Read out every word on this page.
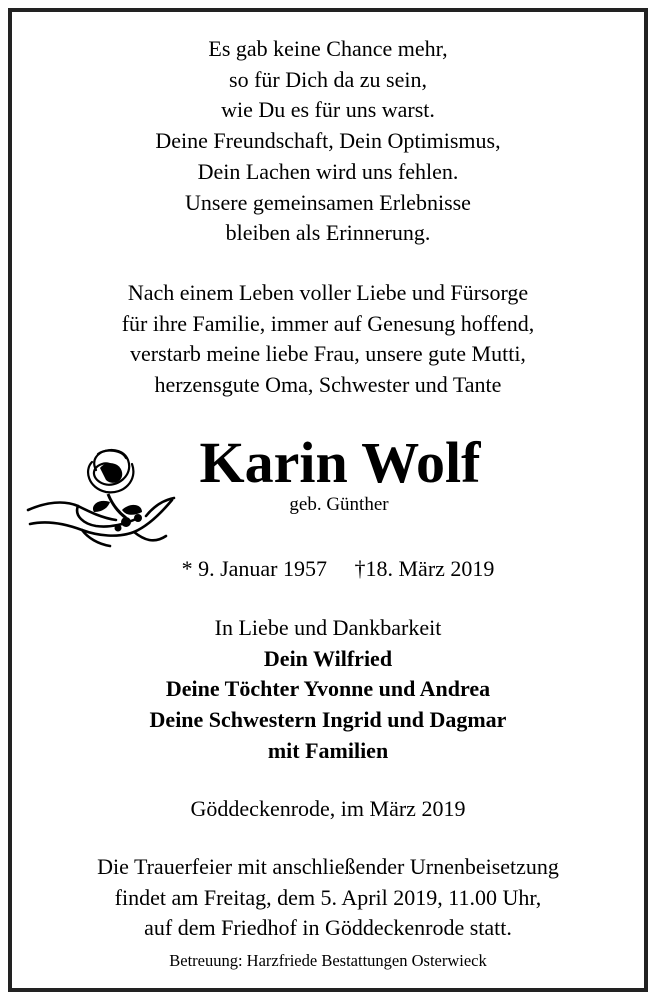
Es gab keine Chance mehr,
so für Dich da zu sein,
wie Du es für uns warst.
Deine Freundschaft, Dein Optimismus,
Dein Lachen wird uns fehlen.
Unsere gemeinsamen Erlebnisse
bleiben als Erinnerung.
Nach einem Leben voller Liebe und Fürsorge
für ihre Familie, immer auf Genesung hoffend,
verstarb meine liebe Frau, unsere gute Mutti,
herzensgute Oma, Schwester und Tante
Karin Wolf
geb. Günther
* 9. Januar 1957 †18. März 2019
In Liebe und Dankbarkeit
Dein Wilfried
Deine Töchter Yvonne und Andrea
Deine Schwestern Ingrid und Dagmar
mit Familien
Göddeckenrode, im März 2019
Die Trauerfeier mit anschließender Urnenbeisetzung
findet am Freitag, dem 5. April 2019, 11.00 Uhr,
auf dem Friedhof in Göddeckenrode statt.
Betreuung: Harzfriede Bestattungen Osterwieck
